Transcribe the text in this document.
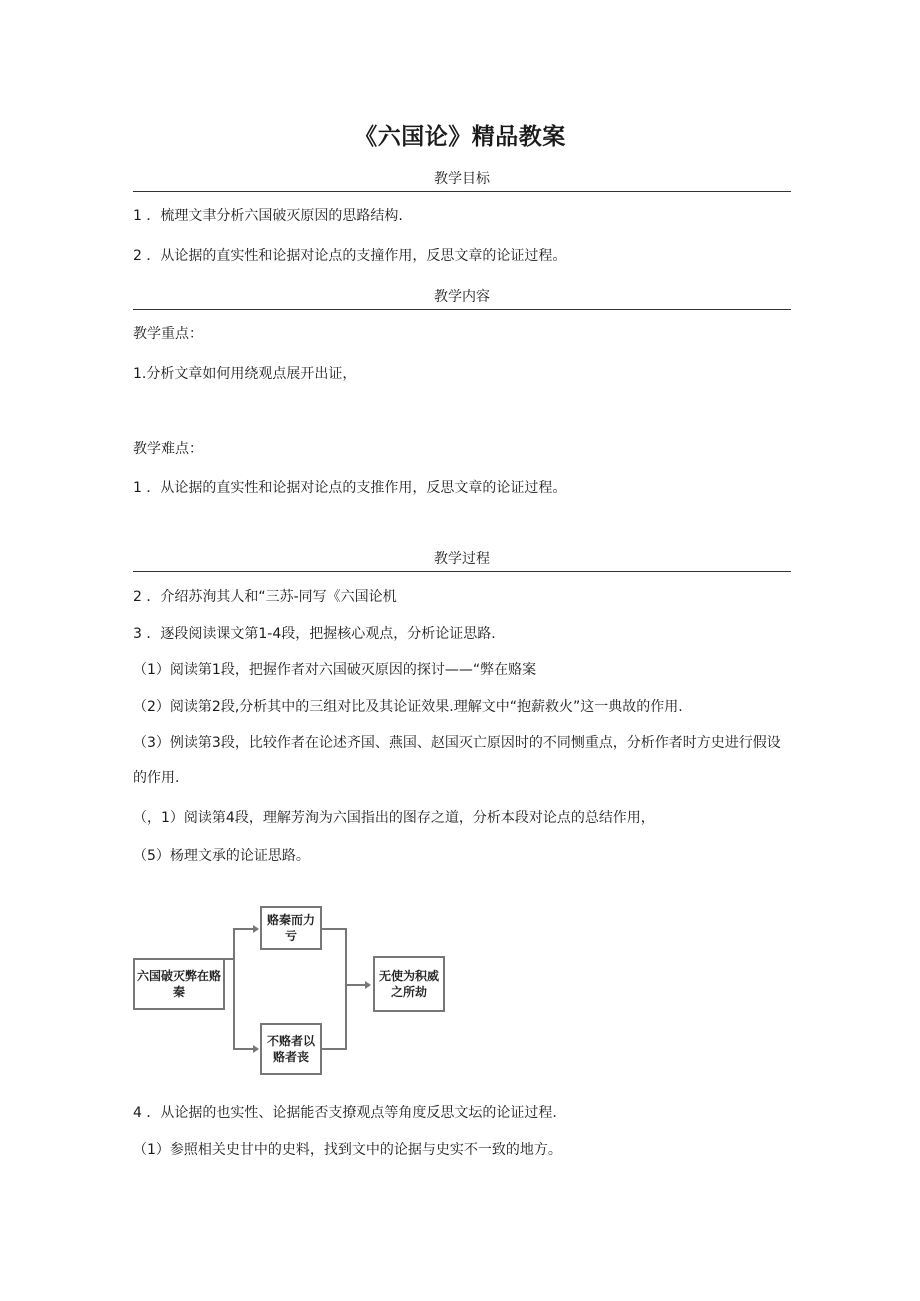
《六国论》精品教案
教学目标
1 ．梳理文聿分析六国破灭原因的思路结构.
2 ．从论据的直实性和论据对论点的支撞作用，反思文章的论证过程。
教学内容
教学重点：
1.分析文章如何用绕观点展开出证，
教学难点：
1 ．从论据的直实性和论据对论点的支推作用，反思文章的论证过程。
教学过程
2 ．介绍苏洵其人和“三苏-同写《六国论机
3 ．逐段阅读课文第1-4段，把握核心观点，分析论证思路.
（1）阅读第1段，把握作者对六国破灭原因的探讨——“弊在赂案
（2）阅读第2段,分析其中的三组对比及其论证效果.理解文中“抱薪救火”这一典故的作用.
（3）例读第3段，比较作者在论述齐国、燕国、赵国灭亡原因时的不同恻重点，分析作者时方史进行假设的作用.
（，1）阅读第4段，理解芳洵为六国指出的图存之道，分析本段对论点的总结作用，
（5）杨理文承的论证思路。
六国破灭弊在赂秦
赂秦而力亏
不赂者以赂者丧
无使为积威之所劫
4 ．从论据的也实性、论据能否支撩观点等角度反思文坛的论证过程.
（1）参照相关史甘中的史料，找到文中的论据与史实不一致的地方。
